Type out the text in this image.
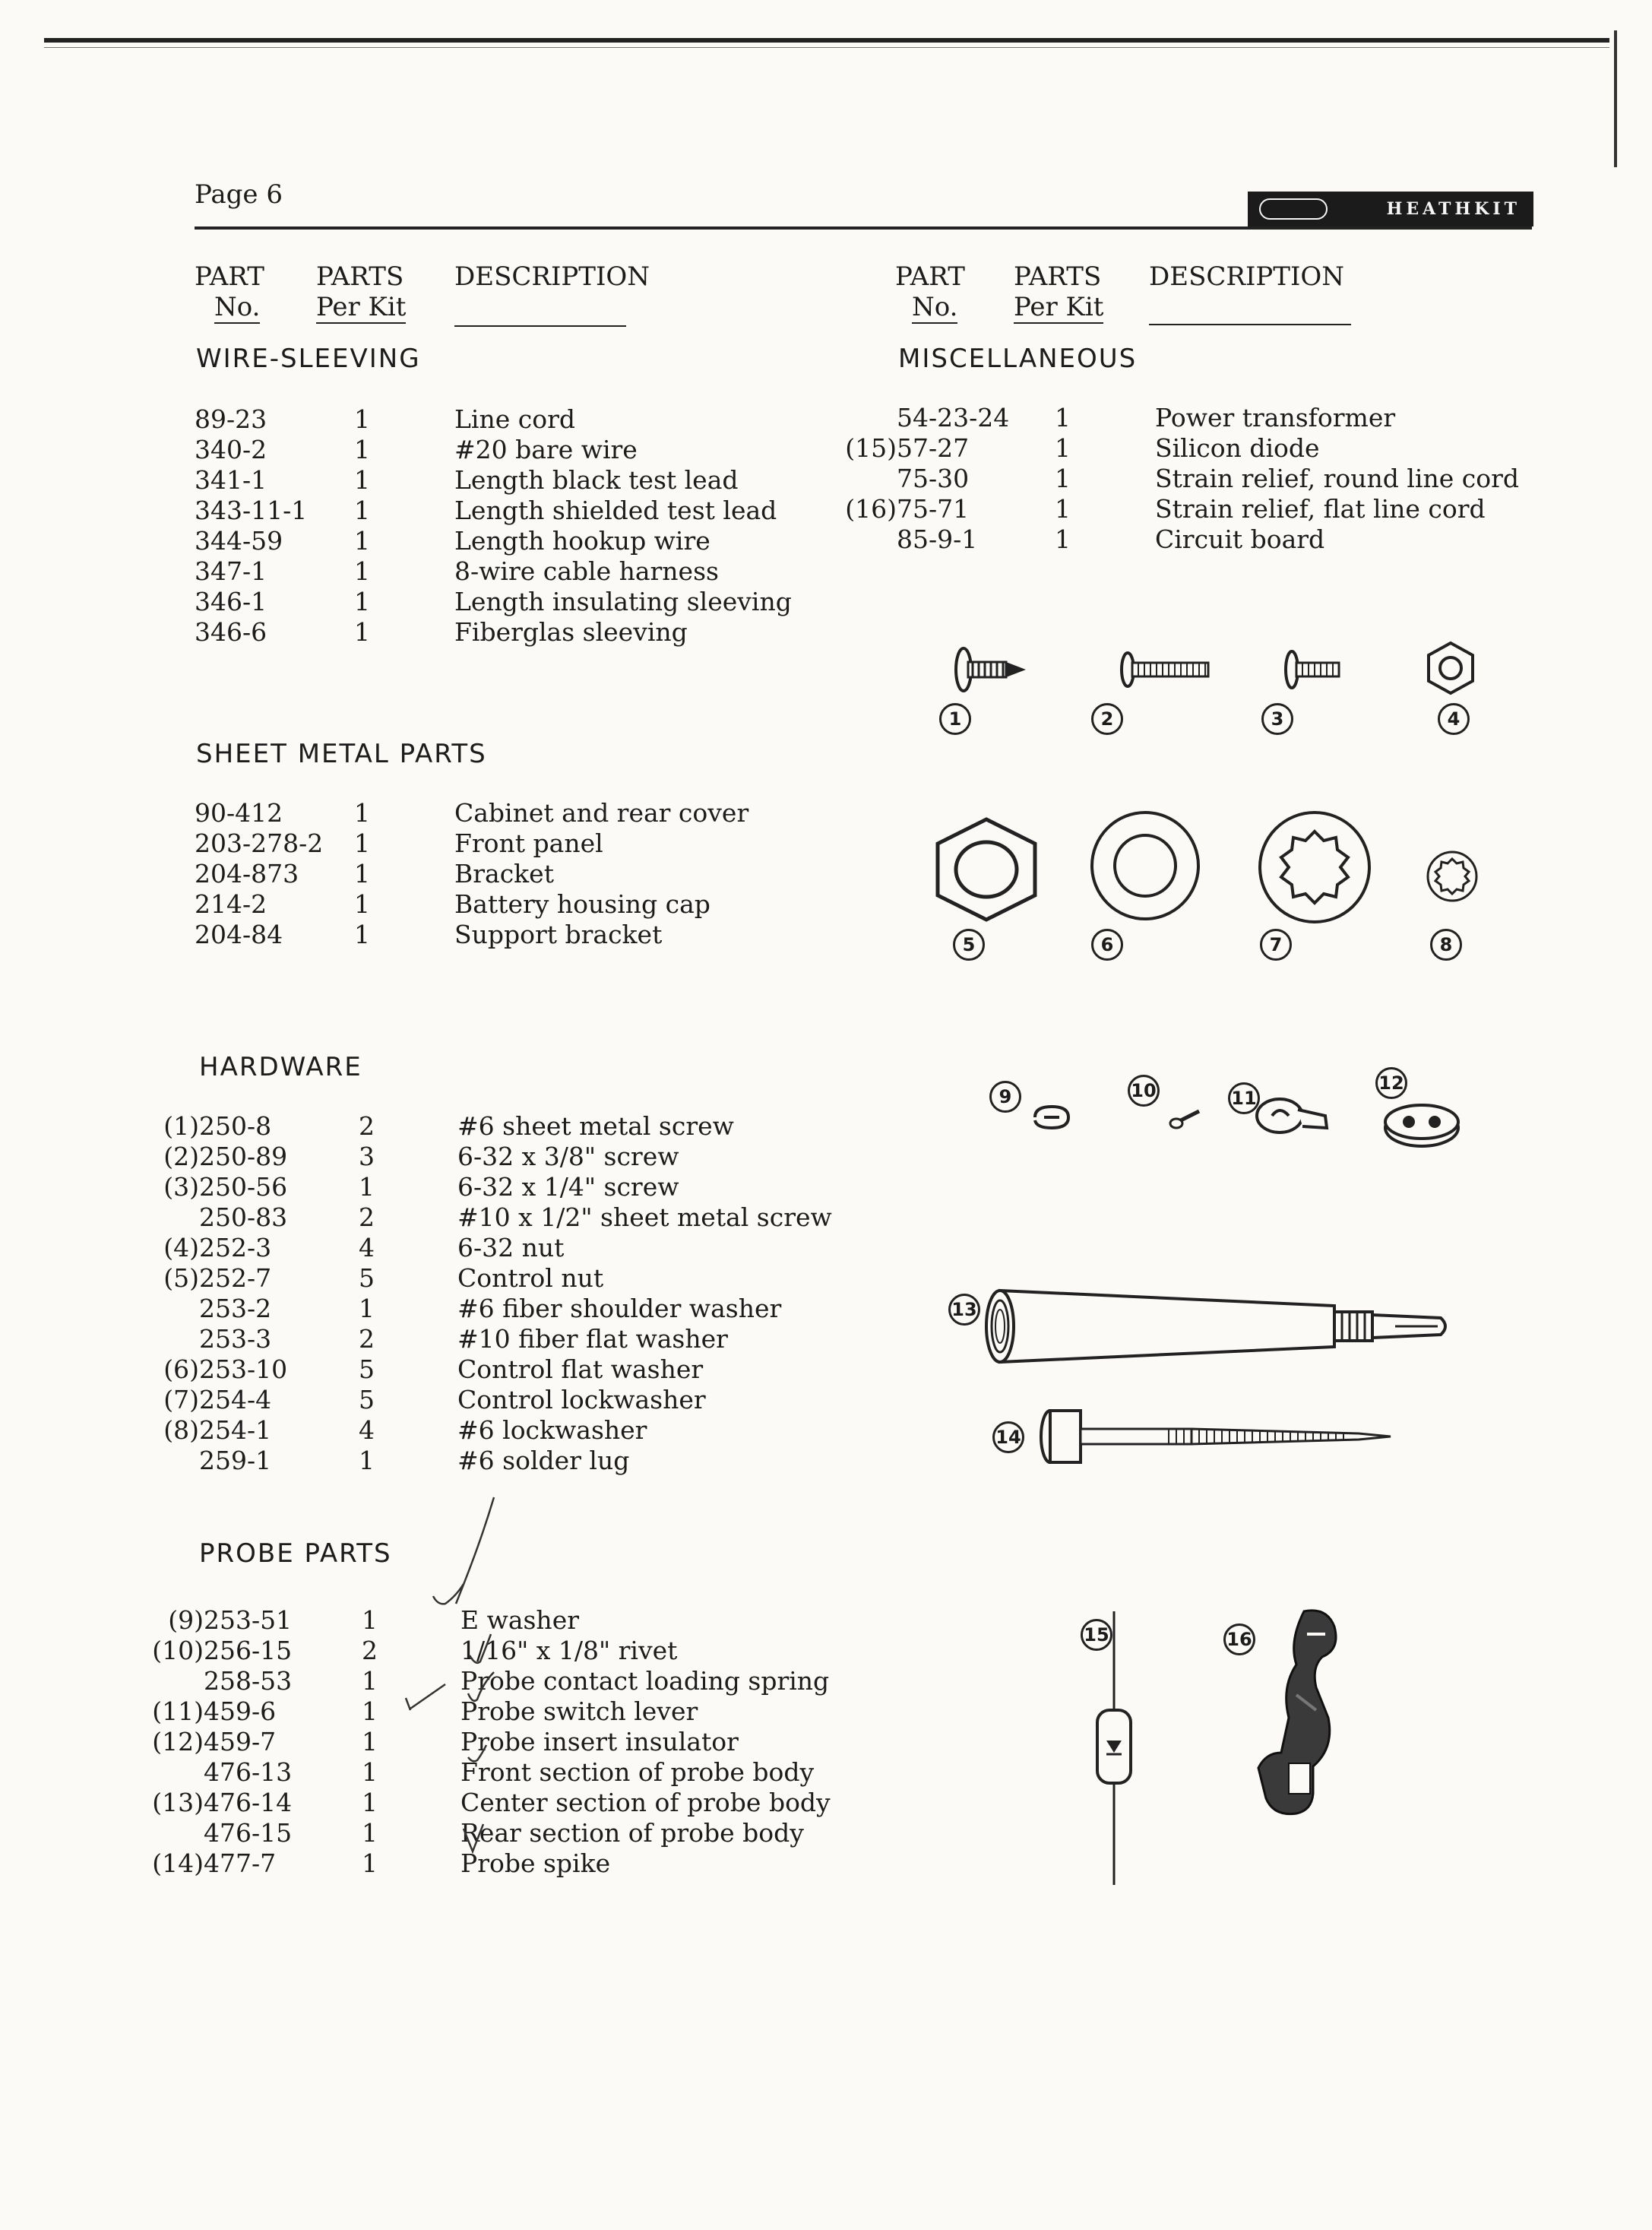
Page 6	HEATHKIT
PART
No.
PARTS
Per Kit
DESCRIPTION	PART
No.
PARTS
Per Kit
DESCRIPTION
WIRE-SLEEVING
SHEET METAL PARTS
HARDWARE
PROBE PARTS
MISCELLANEOUS
89-23	1	Line cord
340-2	1	#20 bare wire
341-1	1	Length black test lead
343-11-1 1	Length shielded test lead
344-59	1	Length hookup wire
347-1	1	8-wire cable harness
346-1	1	Length insulating sleeving
346-6	1	Fiberglas sleeving
90-412	1	Cabinet and rear cover
203-278-2 1	Front panel
204-873 1	Bracket
214-2	1	Battery housing cap
204-84	1	Support bracket
(1) 250-8	2	#6 sheet metal screw
(2) 250-89	3	6-32 x 3/8" screw
(3) 250-56	1	6-32 x 1/4" screw
250-83	2	#10 x 1/2" sheet metal screw
(4) 252-3	4	6-32 nut
(5) 252-7	5	Control nut
253-2	1	#6 fiber shoulder washer
253-3	2	#10 fiber flat washer
(6) 253-10	5	Control flat washer
(7) 254-4	5	Control lockwasher
(8) 254-1	4	#6 lockwasher
259-1	1	#6 solder lug
(9) 253-51	1	E washer
(10) 256-15	2	1/16" x 1/8" rivet
258-53	1	Probe contact loading spring
(11) 459-6	1	Probe switch lever
(12) 459-7	1	Probe insert insulator
476-13	1	Front section of probe body
(13) 476-14	1	Center section of probe body
476-15	1	Rear section of probe body
(14) 477-7	1	Probe spike
54-23-24 1	Power transformer
(15) 57-27	1	Silicon diode
75-30	1	Strain relief, round line cord
(16) 75-71	1	Strain relief, flat line cord
85-9-1	1	Circuit board
1	2	3	4
5	6	7	8
9	10	11
12
13
14
15	16
